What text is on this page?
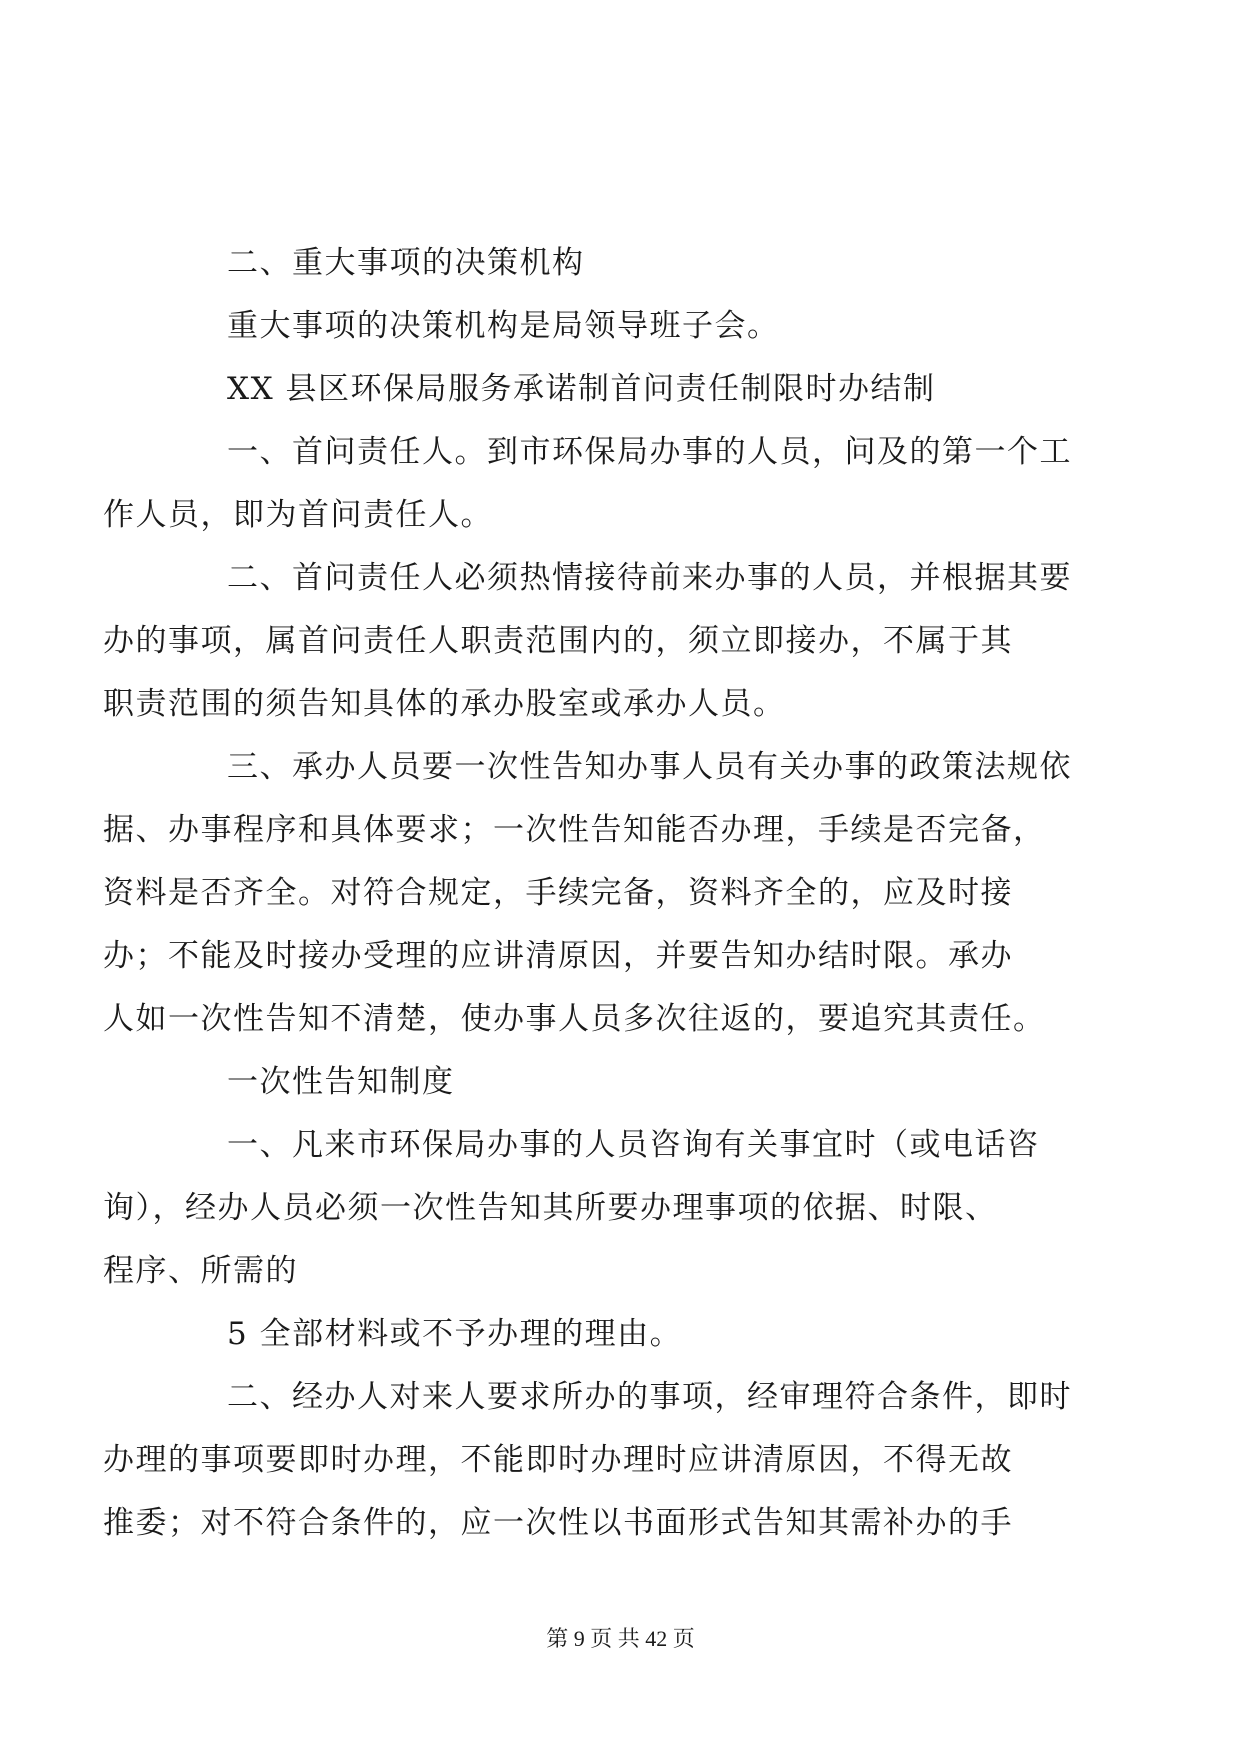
二、重大事项的决策机构

重大事项的决策机构是局领导班子会。

XX 县区环保局服务承诺制首问责任制限时办结制

一、首问责任人。到市环保局办事的人员，问及的第一个工
作人员，即为首问责任人。

二、首问责任人必须热情接待前来办事的人员，并根据其要
办的事项，属首问责任人职责范围内的，须立即接办，不属于其
职责范围的须告知具体的承办股室或承办人员。

三、承办人员要一次性告知办事人员有关办事的政策法规依
据、办事程序和具体要求；一次性告知能否办理，手续是否完备，
资料是否齐全。对符合规定，手续完备，资料齐全的，应及时接
办；不能及时接办受理的应讲清原因，并要告知办结时限。承办
人如一次性告知不清楚，使办事人员多次往返的，要追究其责任。

一次性告知制度

一、凡来市环保局办事的人员咨询有关事宜时（或电话咨
询），经办人员必须一次性告知其所要办理事项的依据、时限、
程序、所需的

5 全部材料或不予办理的理由。

二、经办人对来人要求所办的事项，经审理符合条件，即时
办理的事项要即时办理，不能即时办理时应讲清原因，不得无故
推委；对不符合条件的，应一次性以书面形式告知其需补办的手

第 9 页 共 42 页
